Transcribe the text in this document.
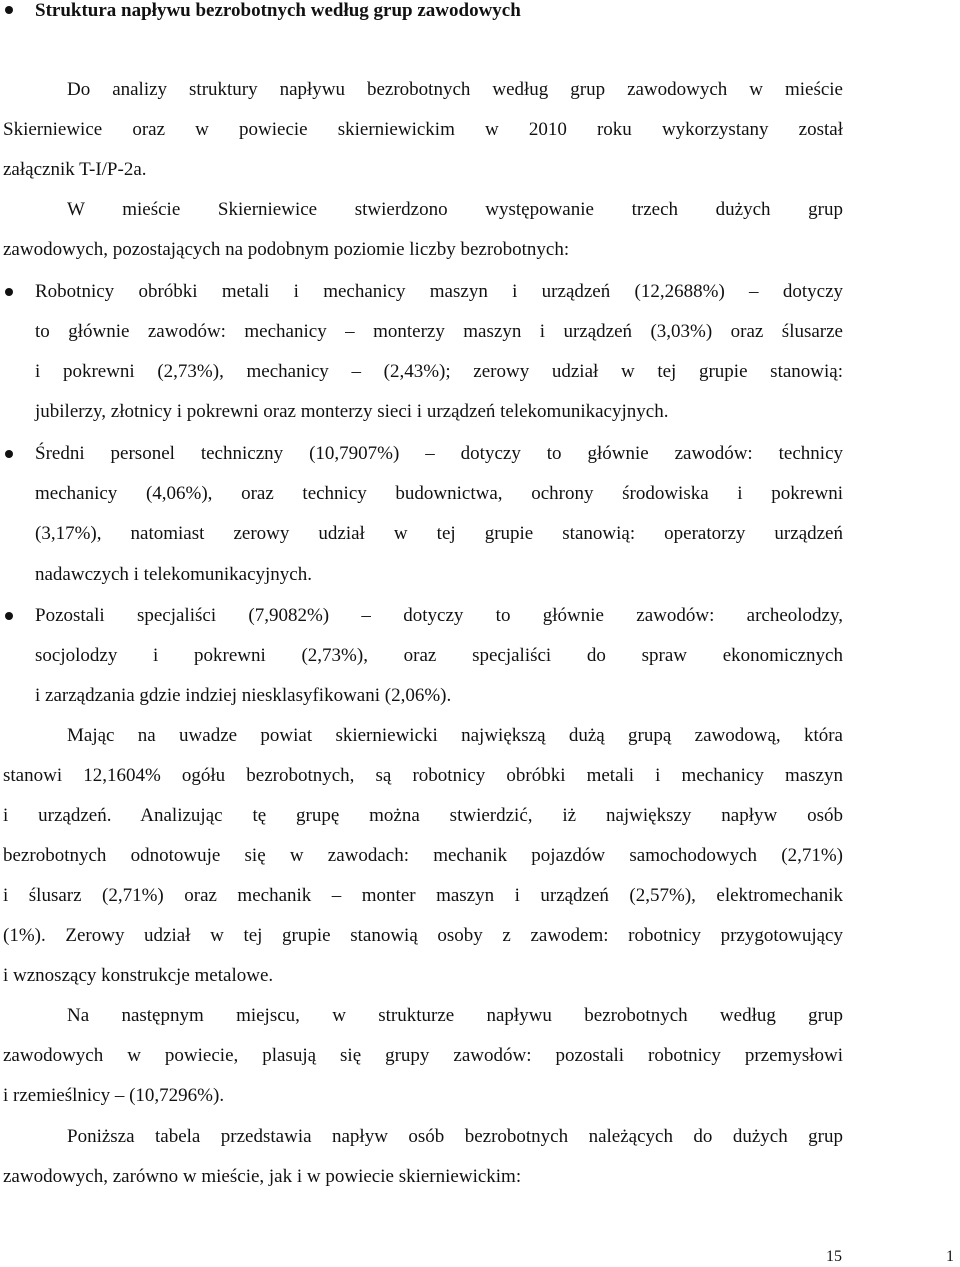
Struktura napływu bezrobotnych według grup zawodowych
Do analizy struktury napływu bezrobotnych według grup zawodowych w mieście
Skierniewice oraz w powiecie skierniewickim w 2010 roku wykorzystany został
załącznik T-I/P-2a.
W mieście Skierniewice stwierdzono występowanie trzech dużych grup
zawodowych, pozostających na podobnym poziomie liczby bezrobotnych:
Robotnicy obróbki metali i mechanicy maszyn i urządzeń (12,2688%) – dotyczy
to głównie zawodów: mechanicy – monterzy maszyn i urządzeń (3,03%) oraz ślusarze
i pokrewni (2,73%), mechanicy – (2,43%); zerowy udział w tej grupie stanowią:
jubilerzy, złotnicy i pokrewni oraz monterzy sieci i urządzeń telekomunikacyjnych.
Średni personel techniczny (10,7907%) – dotyczy to głównie zawodów: technicy
mechanicy (4,06%), oraz technicy budownictwa, ochrony środowiska i pokrewni
(3,17%), natomiast zerowy udział w tej grupie stanowią: operatorzy urządzeń
nadawczych i telekomunikacyjnych.
Pozostali specjaliści (7,9082%) – dotyczy to głównie zawodów: archeolodzy,
socjolodzy i pokrewni (2,73%), oraz specjaliści do spraw ekonomicznych
i zarządzania gdzie indziej niesklasyfikowani (2,06%).
Mając na uwadze powiat skierniewicki największą dużą grupą zawodową, która
stanowi 12,1604% ogółu bezrobotnych, są robotnicy obróbki metali i mechanicy maszyn
i urządzeń. Analizując tę grupę można stwierdzić, iż największy napływ osób
bezrobotnych odnotowuje się w zawodach: mechanik pojazdów samochodowych (2,71%)
i ślusarz (2,71%) oraz mechanik – monter maszyn i urządzeń (2,57%), elektromechanik
(1%). Zerowy udział w tej grupie stanowią osoby z zawodem: robotnicy przygotowujący
i wznoszący konstrukcje metalowe.
Na następnym miejscu, w strukturze napływu bezrobotnych według grup
zawodowych w powiecie, plasują się grupy zawodów: pozostali robotnicy przemysłowi
i rzemieślnicy – (10,7296%).
Poniższa tabela przedstawia napływ osób bezrobotnych należących do dużych grup
zawodowych, zarówno w mieście, jak i w powiecie skierniewickim:
15	1
